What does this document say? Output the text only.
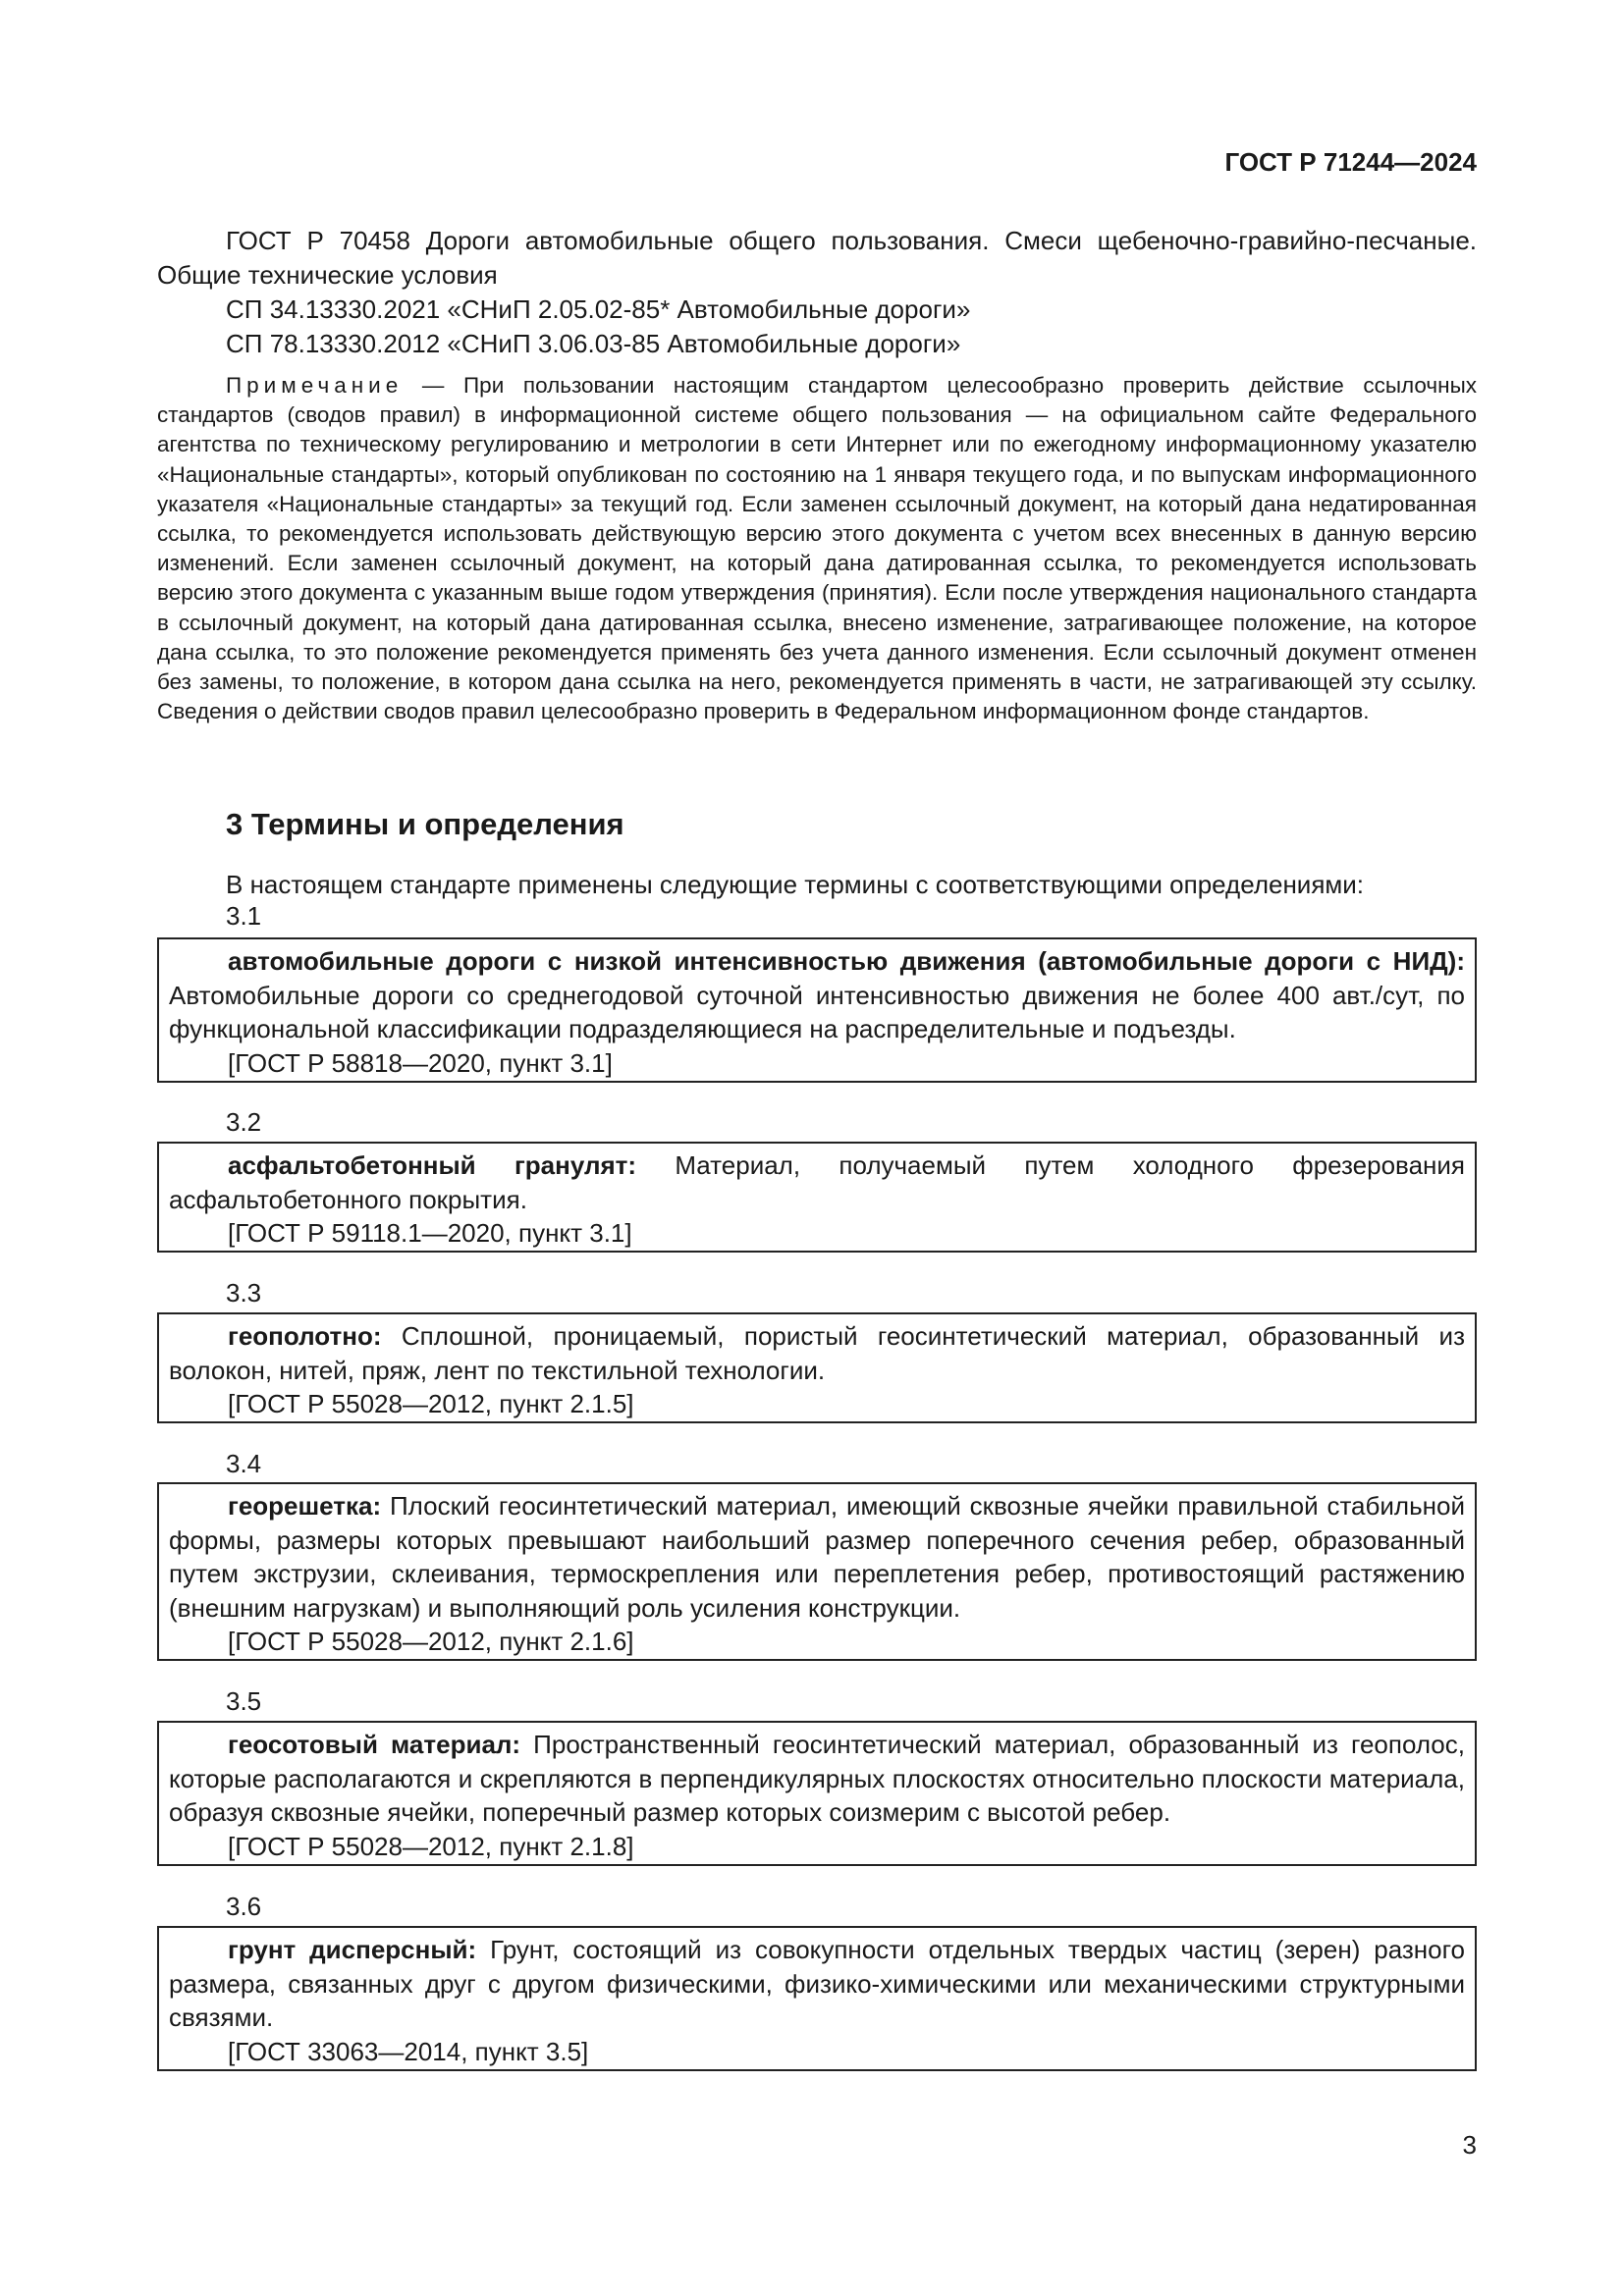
ГОСТ Р 71244—2024

ГОСТ Р 70458 Дороги автомобильные общего пользования. Смеси щебеночно-гравийно-песчаные. Общие технические условия

СП 34.13330.2021 «СНиП 2.05.02-85* Автомобильные дороги»

СП 78.13330.2012 «СНиП 3.06.03-85 Автомобильные дороги»

Примечание — При пользовании настоящим стандартом целесообразно проверить действие ссылочных стандартов (сводов правил) в информационной системе общего пользования — на официальном сайте Федерального агентства по техническому регулированию и метрологии в сети Интернет или по ежегодному информационному указателю «Национальные стандарты», который опубликован по состоянию на 1 января текущего года, и по выпускам информационного указателя «Национальные стандарты» за текущий год. Если заменен ссылочный документ, на который дана недатированная ссылка, то рекомендуется использовать действующую версию этого документа с учетом всех внесенных в данную версию изменений. Если заменен ссылочный документ, на который дана датированная ссылка, то рекомендуется использовать версию этого документа с указанным выше годом утверждения (принятия). Если после утверждения национального стандарта в ссылочный документ, на который дана датированная ссылка, внесено изменение, затрагивающее положение, на которое дана ссылка, то это положение рекомендуется применять без учета данного изменения. Если ссылочный документ отменен без замены, то положение, в котором дана ссылка на него, рекомендуется применять в части, не затрагивающей эту ссылку. Сведения о действии сводов правил целесообразно проверить в Федеральном информационном фонде стандартов.

3 Термины и определения

В настоящем стандарте применены следующие термины с соответствующими определениями:

3.1

автомобильные дороги с низкой интенсивностью движения (автомобильные дороги с НИД): Автомобильные дороги со среднегодовой суточной интенсивностью движения не более 400 авт./сут, по функциональной классификации подразделяющиеся на распределительные и подъезды.

[ГОСТ Р 58818—2020, пункт 3.1]

3.2

асфальтобетонный гранулят: Материал, получаемый путем холодного фрезерования асфальтобетонного покрытия.

[ГОСТ Р 59118.1—2020, пункт 3.1]

3.3

геополотно: Сплошной, проницаемый, пористый геосинтетический материал, образованный из волокон, нитей, пряж, лент по текстильной технологии.

[ГОСТ Р 55028—2012, пункт 2.1.5]

3.4

георешетка: Плоский геосинтетический материал, имеющий сквозные ячейки правильной стабильной формы, размеры которых превышают наибольший размер поперечного сечения ребер, образованный путем экструзии, склеивания, термоскрепления или переплетения ребер, противостоящий растяжению (внешним нагрузкам) и выполняющий роль усиления конструкции.

[ГОСТ Р 55028—2012, пункт 2.1.6]

3.5

геосотовый материал: Пространственный геосинтетический материал, образованный из геополос, которые располагаются и скрепляются в перпендикулярных плоскостях относительно плоскости материала, образуя сквозные ячейки, поперечный размер которых соизмерим с высотой ребер.

[ГОСТ Р 55028—2012, пункт 2.1.8]

3.6

грунт дисперсный: Грунт, состоящий из совокупности отдельных твердых частиц (зерен) разного размера, связанных друг с другом физическими, физико-химическими или механическими структурными связями.

[ГОСТ 33063—2014, пункт 3.5]

3
